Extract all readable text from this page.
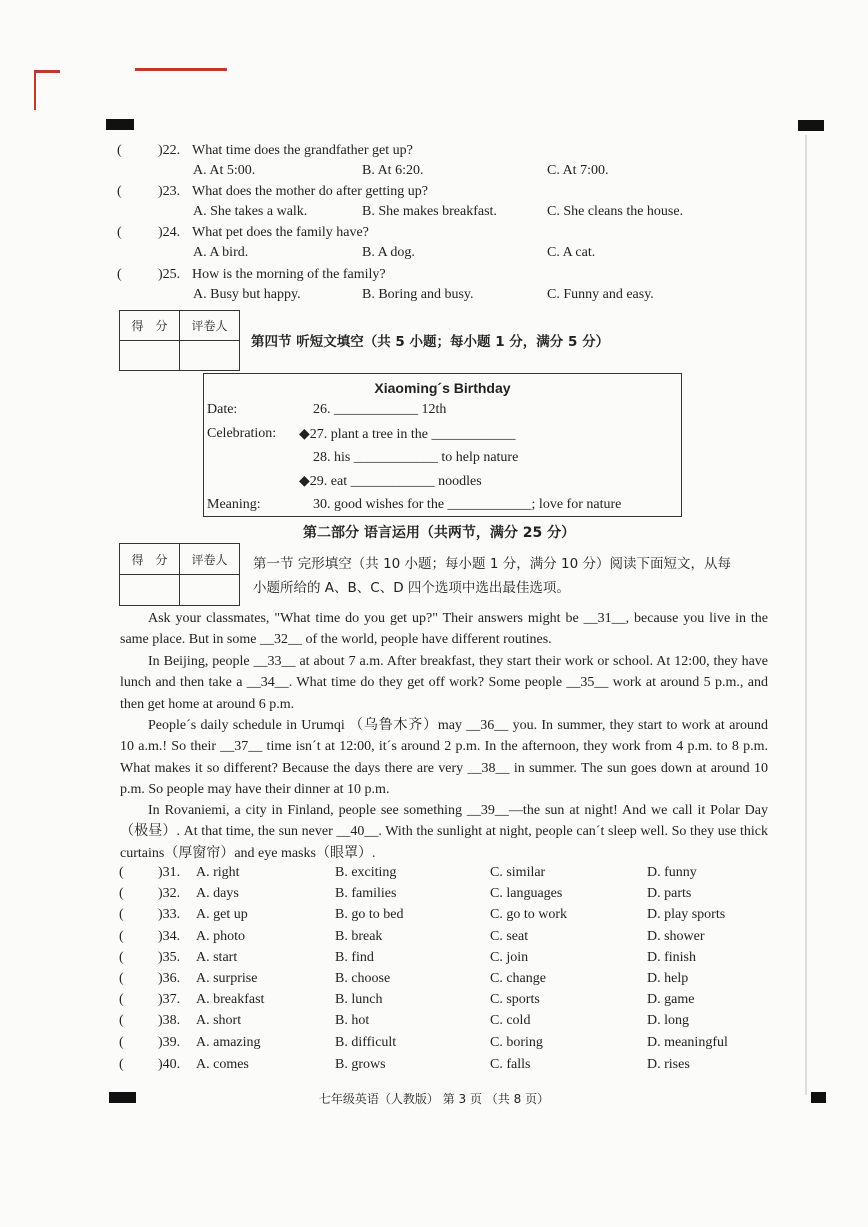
(	)22. What time does the grandfather get up?
A. At 5:00.	B. At 6:20.	C. At 7:00.
(	)23. What does the mother do after getting up?
A. She takes a walk.	B. She makes breakfast.	C. She cleans the house.
(	)24. What pet does the family have?
A. A bird.	B. A dog.	C. A cat.
(	)25. How is the morning of the family?
A. Busy but happy.	B. Boring and busy.	C. Funny and easy.
得　分	评卷人

第四节 听短文填空（共 5 小题；每小题 1 分，满分 5 分）
Xiaoming´s Birthday
Date:	26. ____________ 12th
Celebration: ◆27. plant a tree in the ____________
28. his ____________ to help nature
◆29. eat ____________ noodles
Meaning:	30. good wishes for the ____________; love for nature
第二部分 语言运用（共两节，满分 25 分）
得　分	评卷人
	第一节 完形填空（共 10 小题；每小题 1 分，满分 10 分）阅读下面短文，从每
小题所给的 A、B、C、D 四个选项中选出最佳选项。
Ask your classmates, "What time do you get up?" Their answers might be __31__, because you live in the same place. But in some __32__ of the world, people have different routines.
In Beijing, people __33__ at about 7 a.m. After breakfast, they start their work or school. At 12:00, they have lunch and then take a __34__. What time do they get off work? Some people __35__ work at around 5 p.m., and then get home at around 6 p.m.
People´s daily schedule in Urumqi （乌鲁木齐）may __36__ you. In summer, they start to work at around 10 a.m.! So their __37__ time isn´t at 12:00, it´s around 2 p.m. In the afternoon, they work from 4 p.m. to 8 p.m. What makes it so different? Because the days there are very __38__ in summer. The sun goes down at around 10 p.m. So people may have their dinner at 10 p.m.
In Rovaniemi, a city in Finland, people see something __39__—the sun at night! And we call it Polar Day （极昼）. At that time, the sun never __40__. With the sunlight at night, people can´t sleep well. So they use thick curtains（厚窗帘）and eye masks（眼罩）.
( )31. A. right	B. exciting	C. similar	D. funny
( )32. A. days	B. families	C. languages	D. parts
( )33. A. get up	B. go to bed	C. go to work	D. play sports
( )34. A. photo	B. break	C. seat	D. shower
( )35. A. start	B. find	C. join	D. finish
( )36. A. surprise	B. choose	C. change	D. help
( )37. A. breakfast	B. lunch	C. sports	D. game
( )38. A. short	B. hot	C. cold	D. long
( )39. A. amazing	B. difficult	C. boring	D. meaningful
( )40. A. comes	B. grows	C. falls	D. rises
七年级英语（人教版） 第 3 页 （共 8 页）
